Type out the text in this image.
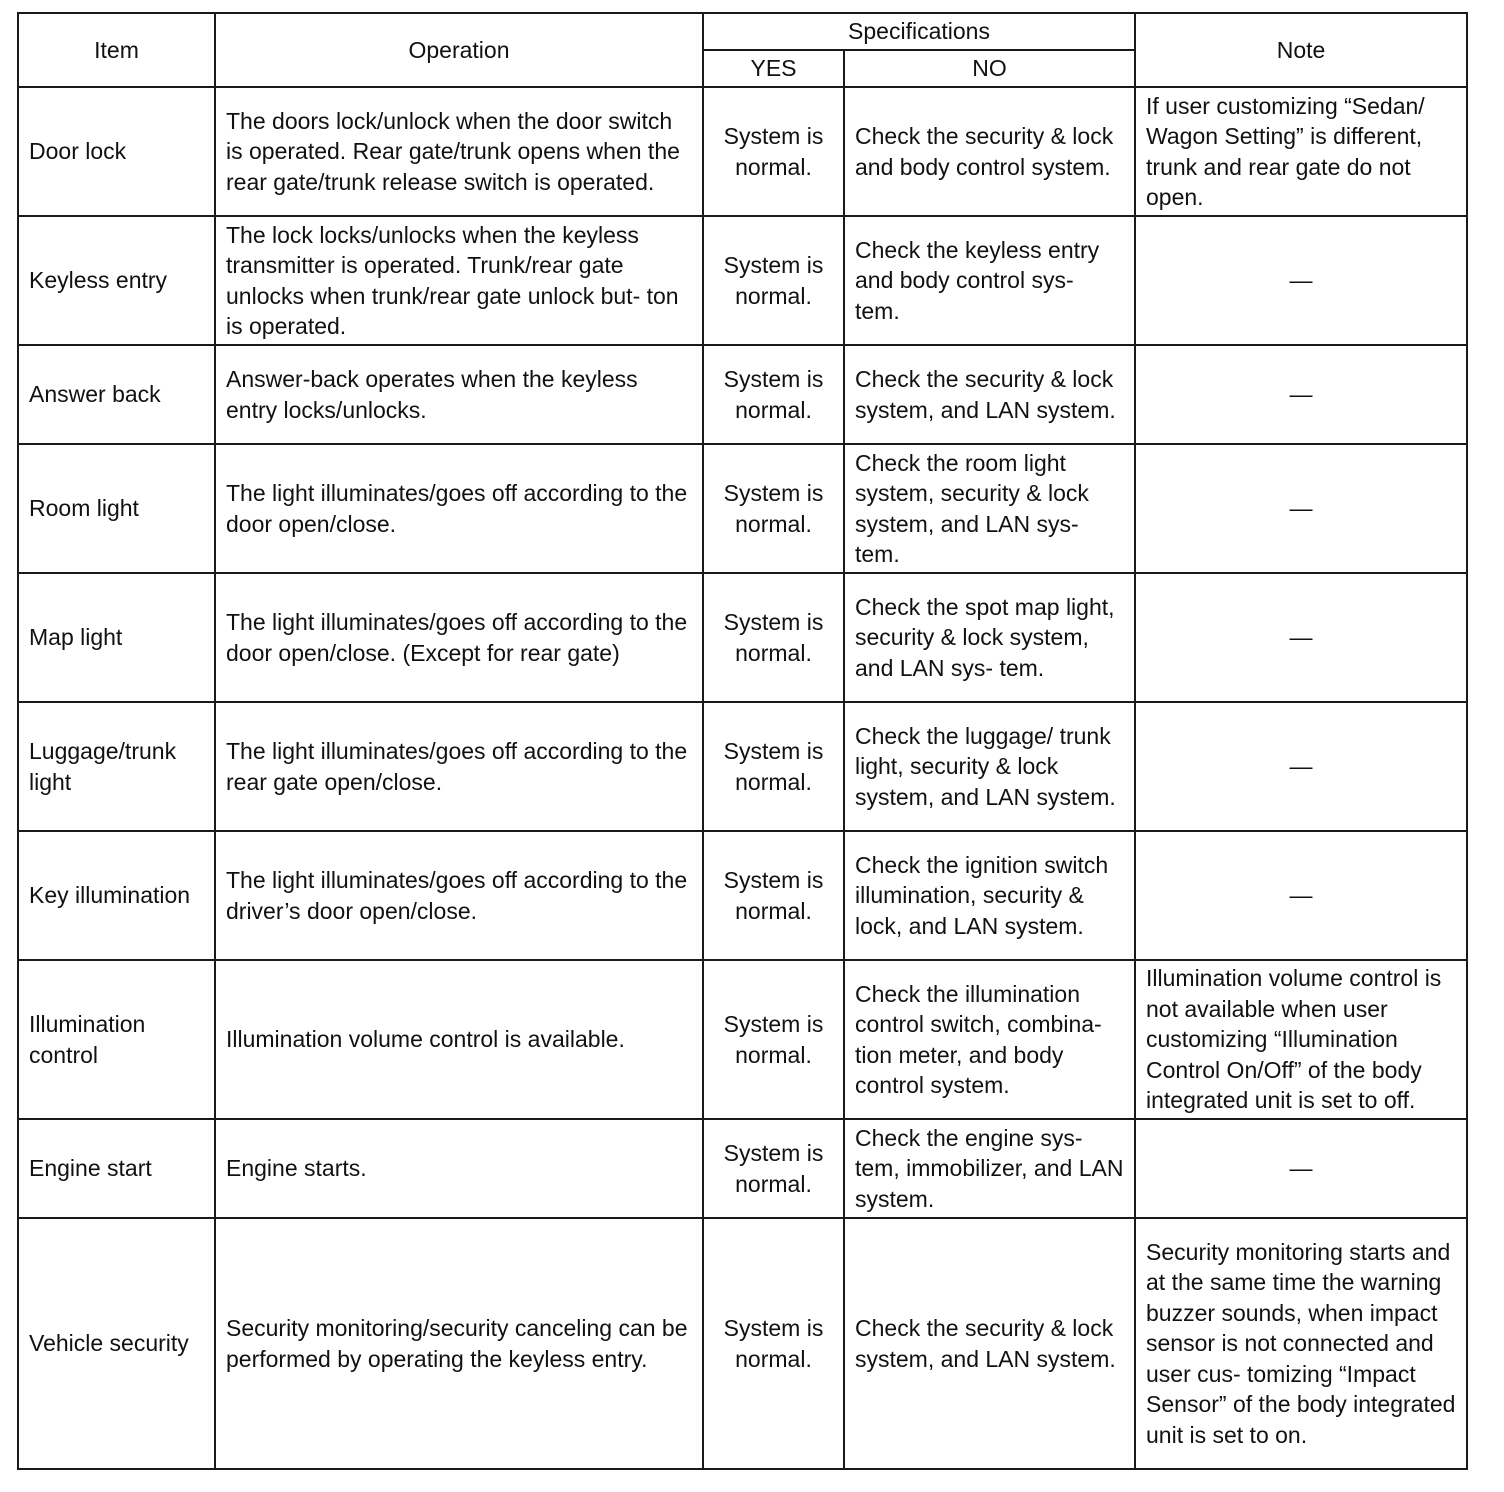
Item	Operation	Specifications		Note
		YES	NO	
Door lock	The doors lock/unlock when the door switch is operated. Rear gate/trunk opens when the rear gate/trunk release switch is operated.	System is normal.	Check the security & lock and body control system.	If user customizing “Sedan/ Wagon Setting” is different, trunk and rear gate do not open.
Keyless entry	The lock locks/unlocks when the keyless transmitter is operated. Trunk/rear gate unlocks when trunk/rear gate unlock but- ton is operated.	System is normal.	Check the keyless entry and body control sys- tem.	—
Answer back	Answer-back operates when the keyless entry locks/unlocks.	System is normal.	Check the security & lock system, and LAN system.	—
Room light	The light illuminates/goes off according to the door open/close.	System is normal.	Check the room light system, security & lock system, and LAN sys- tem.	—
Map light	The light illuminates/goes off according to the door open/close. (Except for rear gate)	System is normal.	Check the spot map light, security & lock system, and LAN sys- tem.	—
Luggage/trunk light	The light illuminates/goes off according to the rear gate open/close.	System is normal.	Check the luggage/ trunk light, security & lock system, and LAN system.	—
Key illumination	The light illuminates/goes off according to the driver’s door open/close.	System is normal.	Check the ignition switch illumination, security & lock, and LAN system.	—
Illumination control	Illumination volume control is available.	System is normal.	Check the illumination control switch, combina- tion meter, and body control system.	Illumination volume control is not available when user customizing “Illumination Control On/Off” of the body integrated unit is set to off.
Engine start	Engine starts.	System is normal.	Check the engine sys- tem, immobilizer, and LAN system.	—
Vehicle security	Security monitoring/security canceling can be performed by operating the keyless entry.	System is normal.	Check the security & lock system, and LAN system.	Security monitoring starts and at the same time the warning buzzer sounds, when impact sensor is not connected and user cus- tomizing “Impact Sensor” of the body integrated unit is set to on.
